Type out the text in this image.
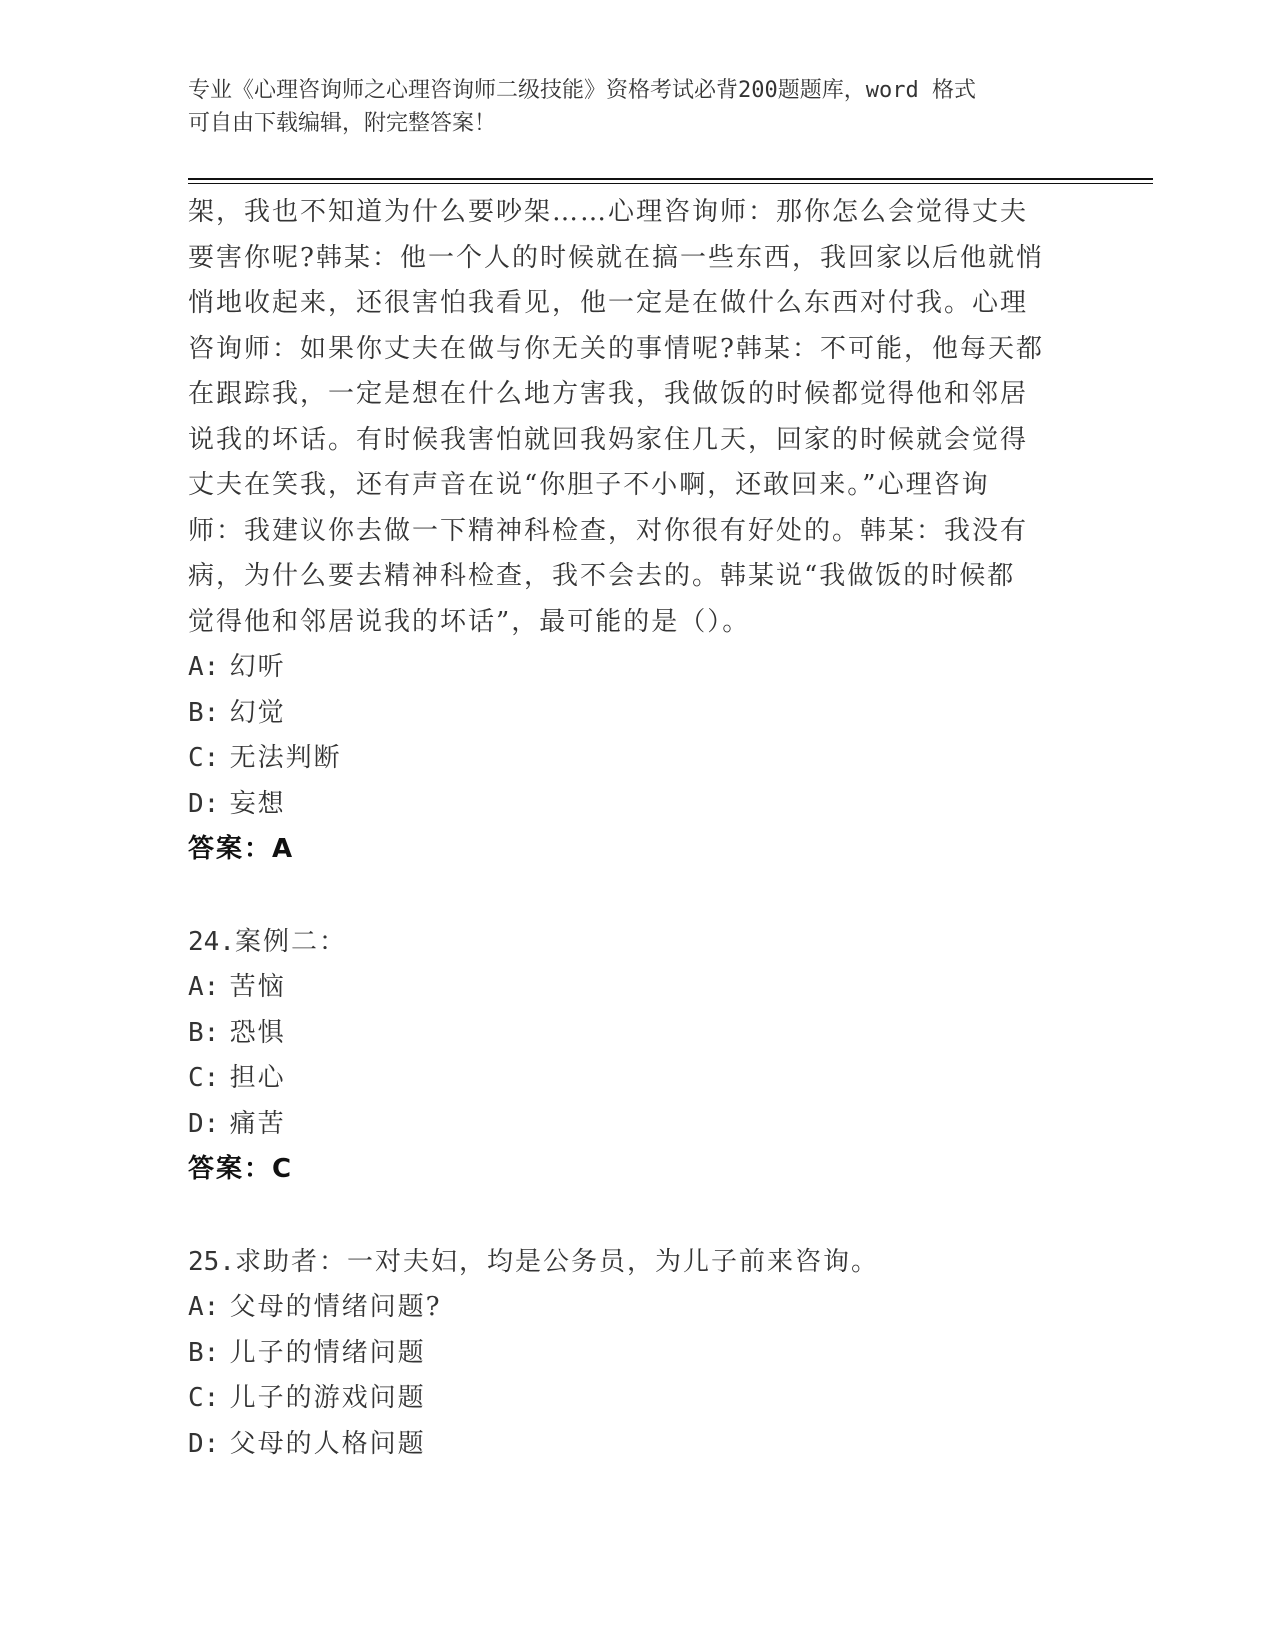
专业《心理咨询师之心理咨询师二级技能》资格考试必背200题题库，word 格式
可自由下载编辑，附完整答案！

架，我也不知道为什么要吵架……心理咨询师：那你怎么会觉得丈夫

要害你呢?韩某：他一个人的时候就在搞一些东西，我回家以后他就悄

悄地收起来，还很害怕我看见，他一定是在做什么东西对付我。心理

咨询师：如果你丈夫在做与你无关的事情呢?韩某：不可能，他每天都

在跟踪我，一定是想在什么地方害我，我做饭的时候都觉得他和邻居

说我的坏话。有时候我害怕就回我妈家住几天，回家的时候就会觉得

丈夫在笑我，还有声音在说“你胆子不小啊，还敢回来。”心理咨询

师：我建议你去做一下精神科检查，对你很有好处的。韩某：我没有

病，为什么要去精神科检查，我不会去的。韩某说“我做饭的时候都

觉得他和邻居说我的坏话”，最可能的是（）。

A: 幻听

B: 幻觉

C: 无法判断

D: 妄想

答案：A

24.案例二：

A: 苦恼

B: 恐惧

C: 担心

D: 痛苦

答案：C

25.求助者：一对夫妇，均是公务员，为儿子前来咨询。

A: 父母的情绪问题?

B: 儿子的情绪问题

C: 儿子的游戏问题

D: 父母的人格问题
